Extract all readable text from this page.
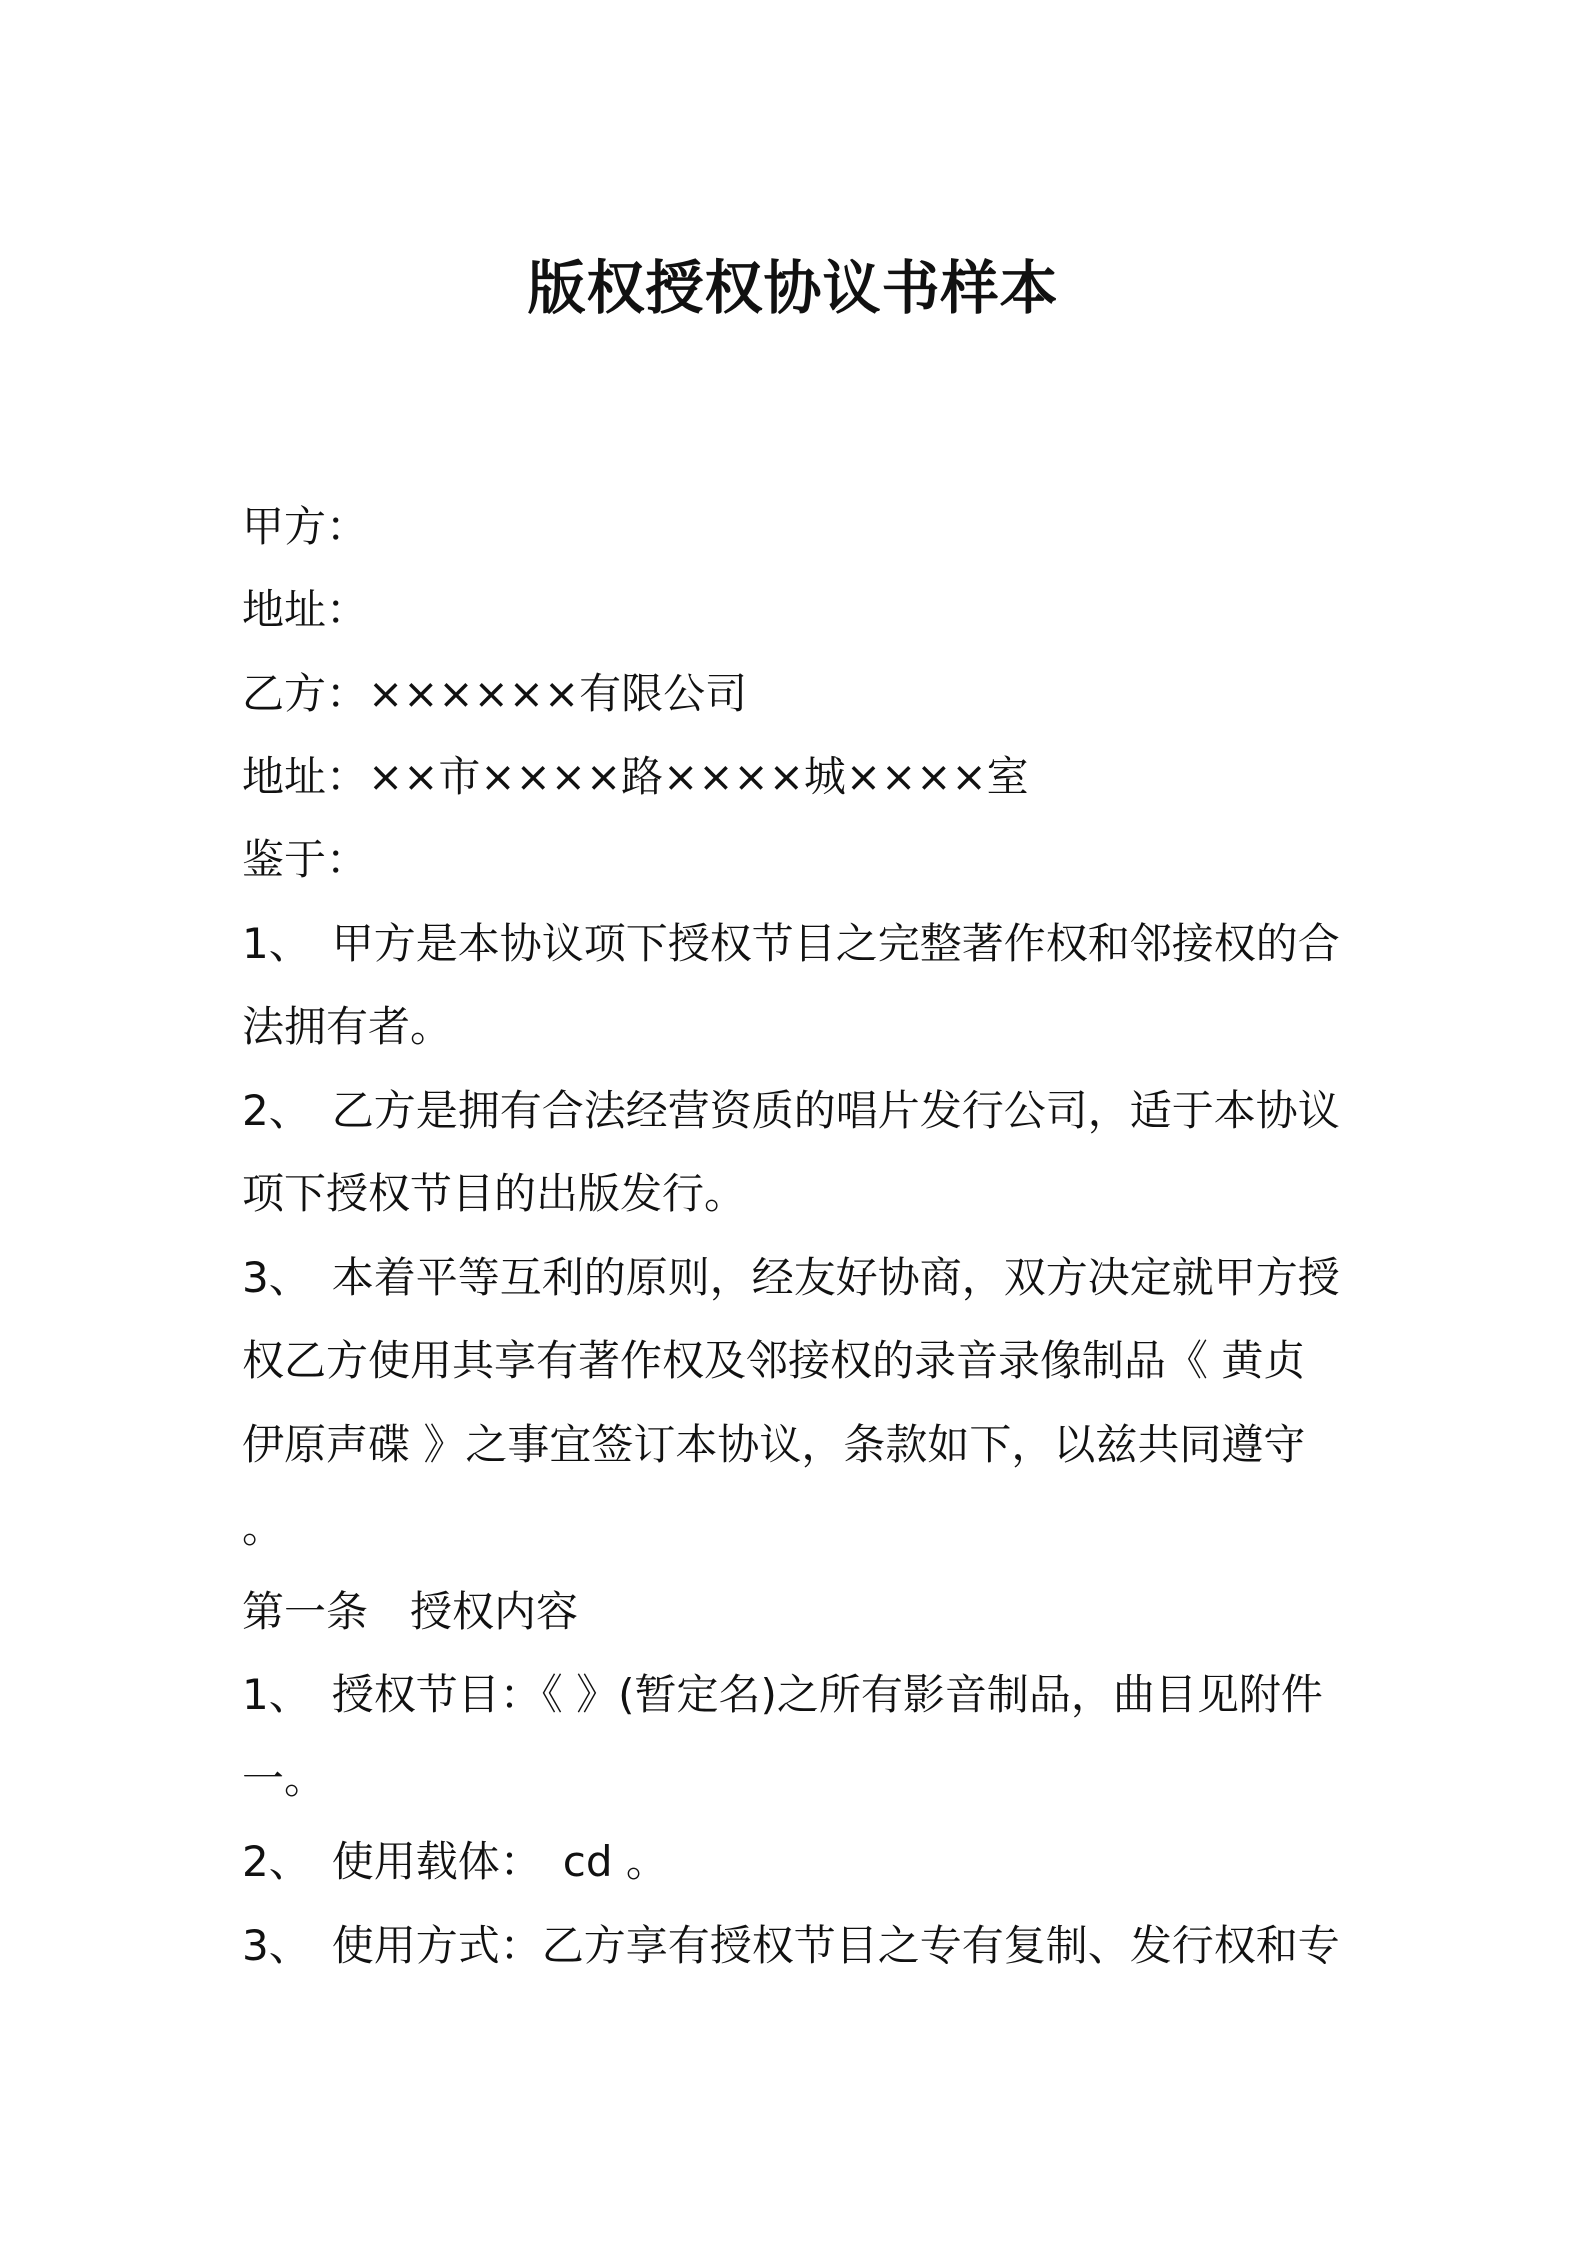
版权授权协议书样本

甲方：

地址：

乙方：××××××有限公司

地址：××市××××路××××城××××室

鉴于：

1、　甲方是本协议项下授权节目之完整著作权和邻接权的合

法拥有者。

2、　乙方是拥有合法经营资质的唱片发行公司，适于本协议

项下授权节目的出版发行。

3、　本着平等互利的原则，经友好协商，双方决定就甲方授

权乙方使用其享有著作权及邻接权的录音录像制品《 黄贞

伊原声碟 》之事宜签订本协议，条款如下，以兹共同遵守

。

第一条　授权内容

1、　授权节目：《 》(暂定名)之所有影音制品，曲目见附件

一。

2、　使用载体：　cd 。

3、　使用方式：乙方享有授权节目之专有复制、发行权和专
